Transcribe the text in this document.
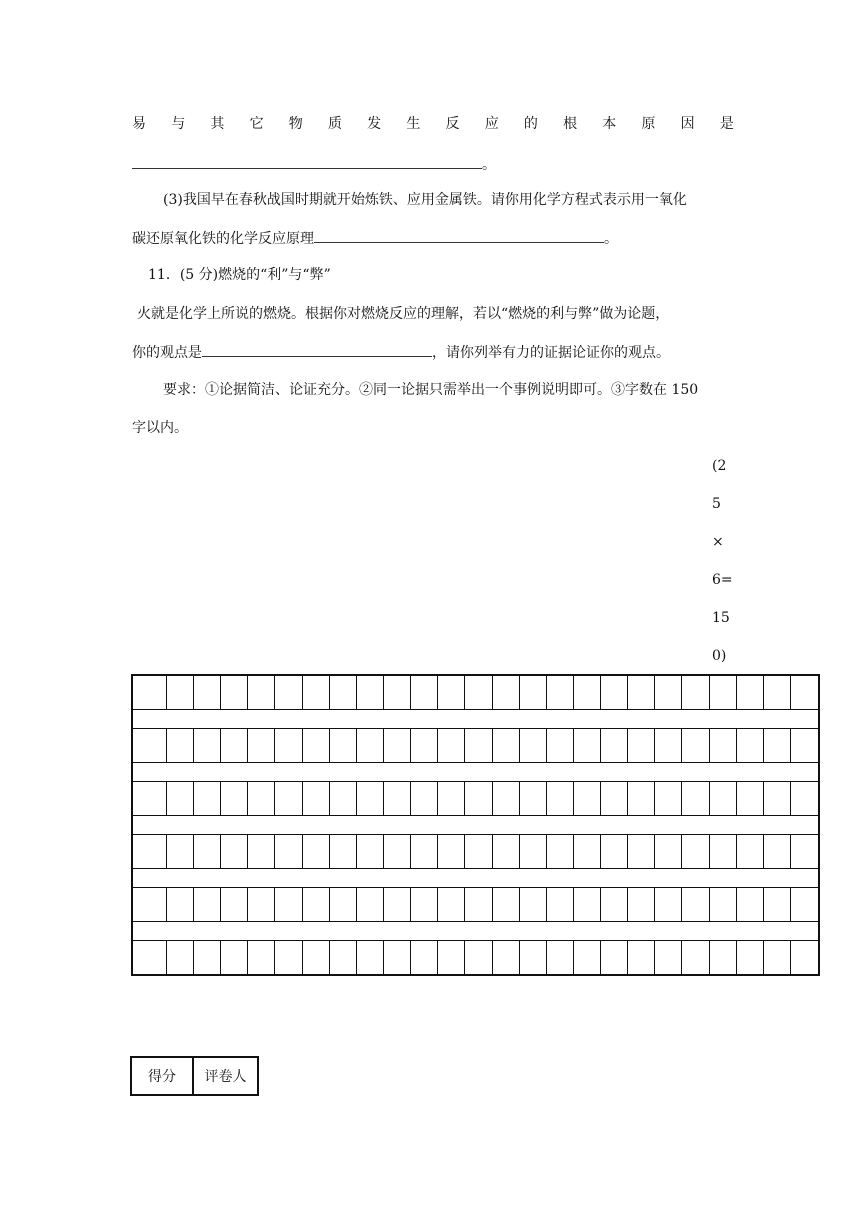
易 与 其 它 物 质 发 生 反 应 的 根 本 原 因 是
。
(3)我国早在春秋战国时期就开始炼铁、应用金属铁。请你用化学方程式表示用一氧化
碳还原氧化铁的化学反应原理	。
11．(5 分)燃烧的“利”与“弊”
火就是化学上所说的燃烧。根据你对燃烧反应的理解，若以“燃烧的利与弊”做为论题，
你的观点是	，请你列举有力的证据论证你的观点。
要求：①论据简洁、论证充分。②同一论据只需举出一个事例说明即可。③字数在 150
字以内。
(2
5
×
6=
15
0)
得分	评卷人
